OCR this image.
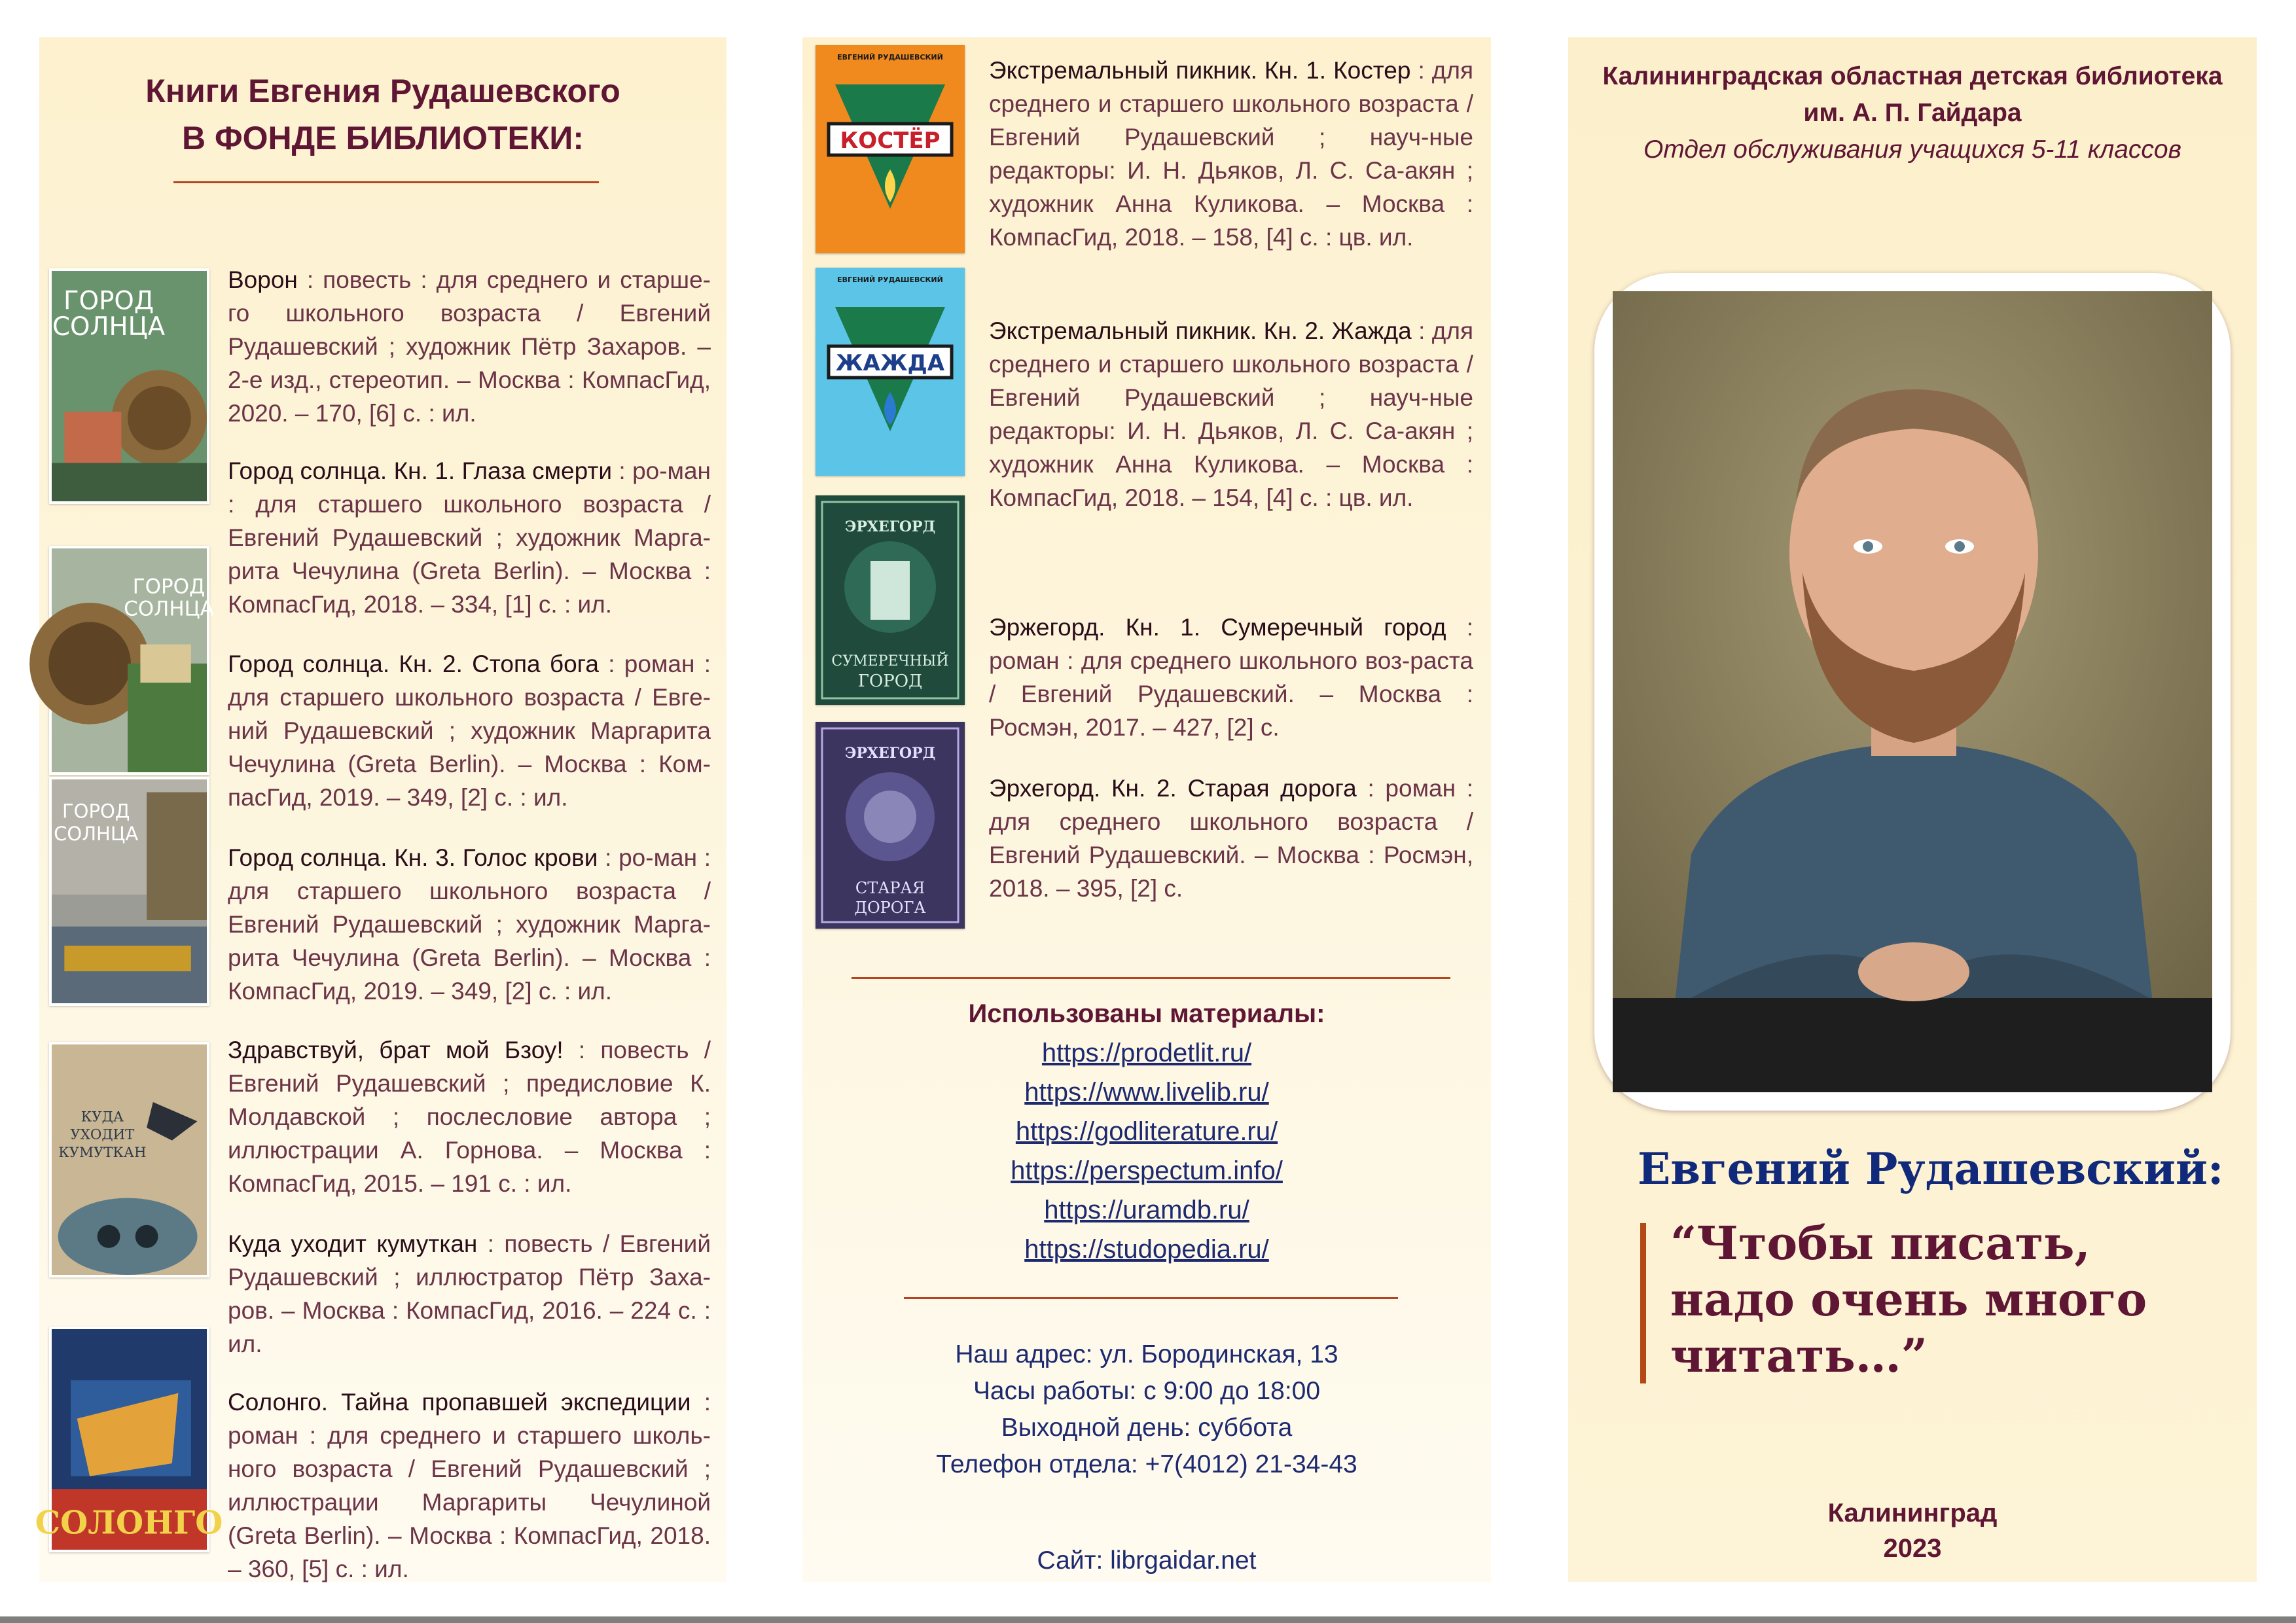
Книги Евгения Рудашевского
В ФОНДЕ БИБЛИОТЕКИ:
ГОРОД
СОЛНЦА
Ворон : повесть : для среднего и старше-го школьного возраста / Евгений Рудашевский ; художник Пётр Захаров. – 2-е изд., стереотип. – Москва : КомпасГид, 2020. – 170, [6] с. : ил.
ГОРОД
СОЛНЦА
Город солнца. Кн. 1. Глаза смерти : ро-ман : для старшего школьного возраста / Евгений Рудашевский ; художник Марга-рита Чечулина (Greta Berlin). – Москва : КомпасГид, 2018. – 334, [1] с. : ил.
Город солнца. Кн. 2. Стопа бога : роман : для старшего школьного возраста / Евге-ний Рудашевский ; художник Маргарита Чечулина (Greta Berlin). – Москва : Ком-пасГид, 2019. – 349, [2] с. : ил.
ГОРОД
СОЛНЦА
Город солнца. Кн. 3. Голос крови : ро-ман : для старшего школьного возраста / Евгений Рудашевский ; художник Марга-рита Чечулина (Greta Berlin). – Москва : КомпасГид, 2019. – 349, [2] с. : ил.
Здравствуй, брат мой Бзоу! : повесть / Евгений Рудашевский ; предисловие К. Молдавской ; послесловие автора ; иллюстрации А. Горнова. – Москва : КомпасГид, 2015. – 191 с. : ил.
КУДА
УХОДИТ
КУМУТКАН
Куда уходит кумуткан : повесть / Евгений Рудашевский ; иллюстратор Пётр Заха-ров. – Москва : КомпасГид, 2016. – 224 с. : ил.
СОЛОНГО
Солонго. Тайна пропавшей экспедиции : роман : для среднего и старшего школь-ного возраста / Евгений Рудашевский ; иллюстрации Маргариты Чечулиной (Greta Berlin). – Москва : КомпасГид, 2018. – 360, [5] с. : ил.
КОСТЁР
ЕВГЕНИЙ РУДАШЕВСКИЙ Экстремальный пикник. Кн. 1. Костер : для среднего и старшего школьного возраста / Евгений Рудашевский ; науч-ные редакторы: И. Н. Дьяков, Л. С. Са-акян ; художник Анна Куликова. – Москва : КомпасГид, 2018. – 158, [4] с. : цв. ил.
ЖАЖДА
ЕВГЕНИЙ РУДАШЕВСКИЙ
Экстремальный пикник. Кн. 2. Жажда : для среднего и старшего школьного возраста / Евгений Рудашевский ; науч-ные редакторы: И. Н. Дьяков, Л. С. Са-акян ; художник Анна Куликова. – Москва : КомпасГид, 2018. – 154, [4] с. : цв. ил.
ЭРХЕГОРД
СУМЕРЕЧНЫЙ
ГОРОД
Эржегорд. Кн. 1. Сумеречный город : роман : для среднего школьного воз-раста / Евгений Рудашевский. – Москва : Росмэн, 2017. – 427, [2] с.
ЭРХЕГОРД
СТАРАЯ
ДОРОГА
Эрхегорд. Кн. 2. Старая дорога : роман : для среднего школьного возраста / Евгений Рудашевский. – Москва : Росмэн, 2018. – 395, [2] с.
Использованы материалы:
https://prodetlit.ru/
https://www.livelib.ru/
https://godliterature.ru/
https://perspectum.info/
https://uramdb.ru/
https://studopedia.ru/
Наш адрес: ул. Бородинская, 13
Часы работы: с 9:00 до 18:00
Выходной день: суббота
Телефон отдела: +7(4012) 21-34-43
Сайт: librgaidar.net
Калининградская областная детская библиотека
им. А. П. Гайдара
Отдел обслуживания учащихся 5-11 классов
Евгений Рудашевский:
“Чтобы писать,
надо очень много
читать…”
Калининград
2023
